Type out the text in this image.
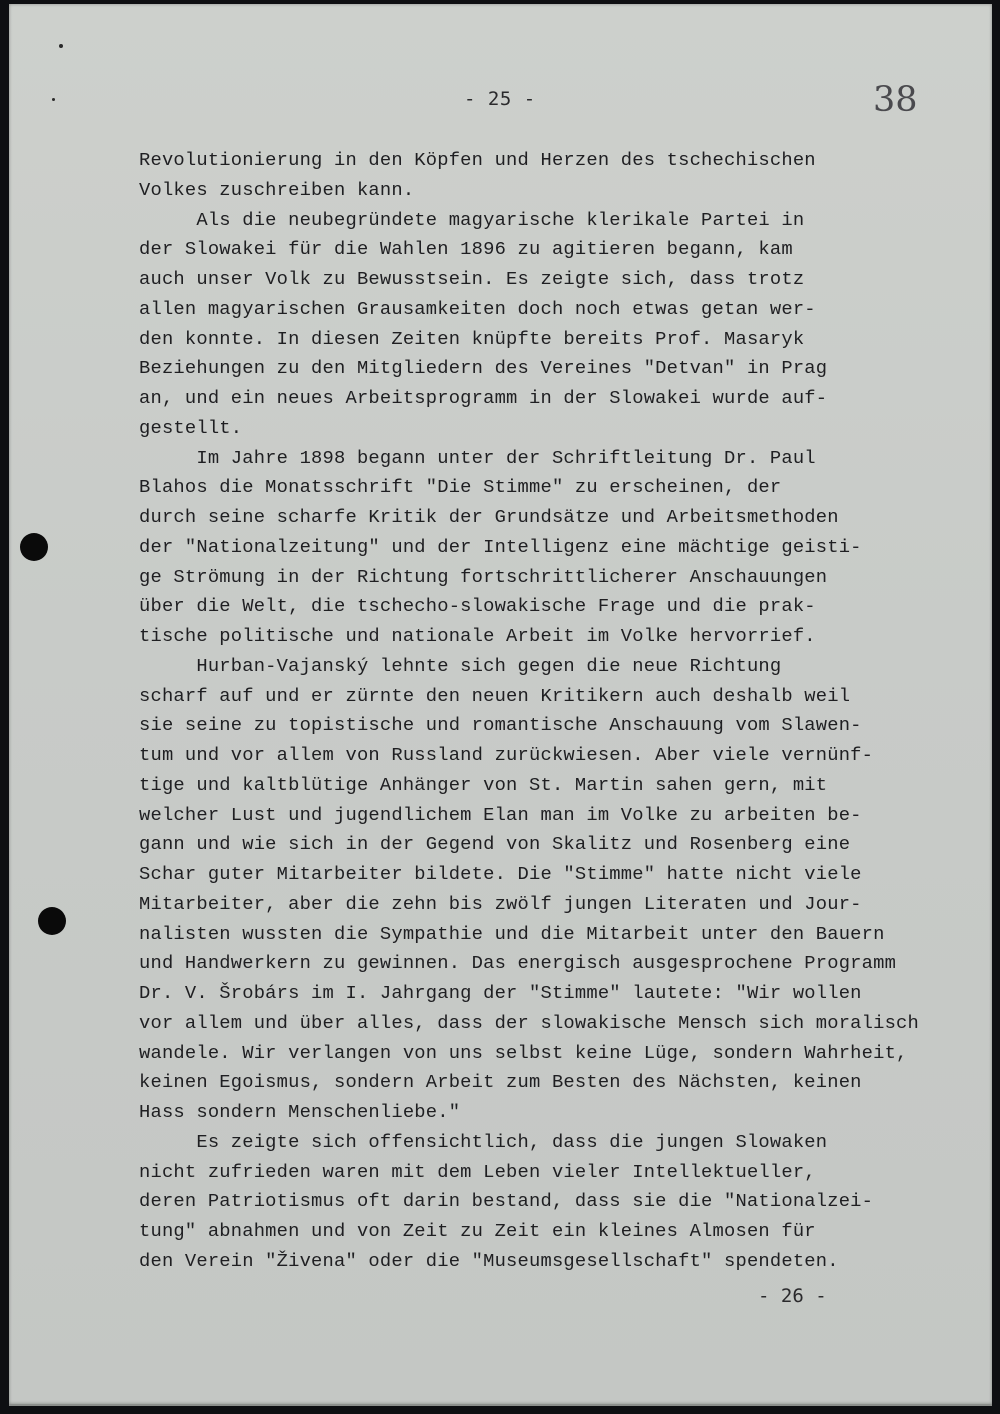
- 25 -	38
Revolutionierung in den Köpfen und Herzen des tschechischen
Volkes zuschreiben kann.
Als die neubegründete magyarische klerikale Partei in
der Slowakei für die Wahlen 1896 zu agitieren begann, kam
auch unser Volk zu Bewusstsein. Es zeigte sich, dass trotz
allen magyarischen Grausamkeiten doch noch etwas getan wer-
den konnte. In diesen Zeiten knüpfte bereits Prof. Masaryk
Beziehungen zu den Mitgliedern des Vereines "Detvan" in Prag
an, und ein neues Arbeitsprogramm in der Slowakei wurde auf-
gestellt.
Im Jahre 1898 begann unter der Schriftleitung Dr. Paul
Blahos die Monatsschrift "Die Stimme" zu erscheinen, der
durch seine scharfe Kritik der Grundsätze und Arbeitsmethoden
der "Nationalzeitung" und der Intelligenz eine mächtige geisti-
ge Strömung in der Richtung fortschrittlicherer Anschauungen
über die Welt, die tschecho-slowakische Frage und die prak-
tische politische und nationale Arbeit im Volke hervorrief.
Hurban-Vajanský lehnte sich gegen die neue Richtung
scharf auf und er zürnte den neuen Kritikern auch deshalb weil
sie seine zu topistische und romantische Anschauung vom Slawen-
tum und vor allem von Russland zurückwiesen. Aber viele vernünf-
tige und kaltblütige Anhänger von St. Martin sahen gern, mit
welcher Lust und jugendlichem Elan man im Volke zu arbeiten be-
gann und wie sich in der Gegend von Skalitz und Rosenberg eine
Schar guter Mitarbeiter bildete. Die "Stimme" hatte nicht viele
Mitarbeiter, aber die zehn bis zwölf jungen Literaten und Jour-
nalisten wussten die Sympathie und die Mitarbeit unter den Bauern
und Handwerkern zu gewinnen. Das energisch ausgesprochene Programm
Dr. V. Šrobárs im I. Jahrgang der "Stimme" lautete: "Wir wollen
vor allem und über alles, dass der slowakische Mensch sich moralisch
wandele. Wir verlangen von uns selbst keine Lüge, sondern Wahrheit,
keinen Egoismus, sondern Arbeit zum Besten des Nächsten, keinen
Hass sondern Menschenliebe."
Es zeigte sich offensichtlich, dass die jungen Slowaken
nicht zufrieden waren mit dem Leben vieler Intellektueller,
deren Patriotismus oft darin bestand, dass sie die "Nationalzei-
tung" abnahmen und von Zeit zu Zeit ein kleines Almosen für
den Verein "Živena" oder die "Museumsgesellschaft" spendeten.
- 26 -
